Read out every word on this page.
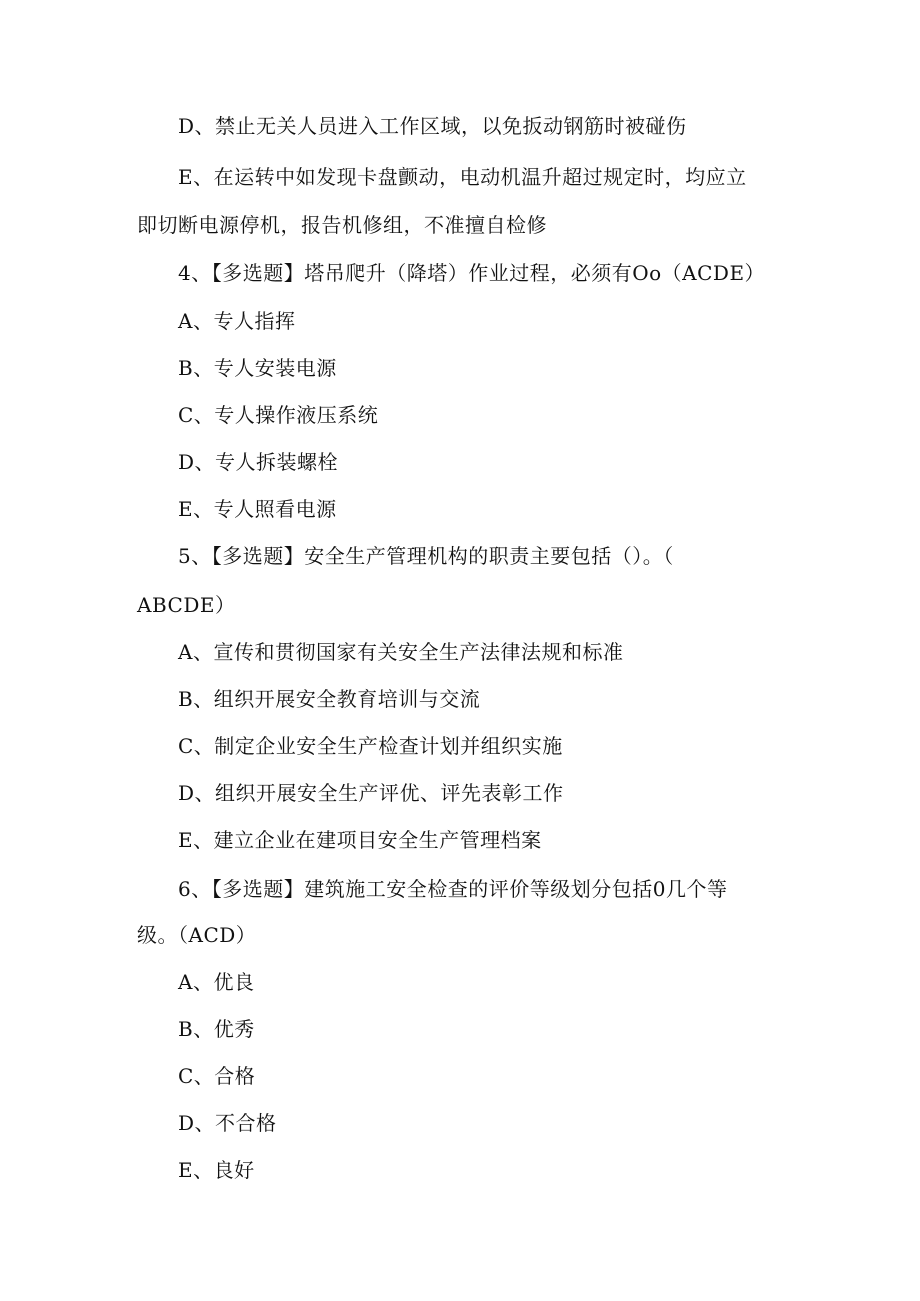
D、禁止无关人员进入工作区域，以免扳动钢筋时被碰伤
E、在运转中如发现卡盘颤动，电动机温升超过规定时，均应立
即切断电源停机，报告机修组，不准擅自检修
4、【多选题】塔吊爬升（降塔）作业过程，必须有Oo（ACDE）
A、专人指挥
B、专人安装电源
C、专人操作液压系统
D、专人拆装螺栓
E、专人照看电源
5、【多选题】安全生产管理机构的职责主要包括（）。（
ABCDE）
A、宣传和贯彻国家有关安全生产法律法规和标准
B、组织开展安全教育培训与交流
C、制定企业安全生产检查计划并组织实施
D、组织开展安全生产评优、评先表彰工作
E、建立企业在建项目安全生产管理档案
6、【多选题】建筑施工安全检查的评价等级划分包括0几个等
级。（ACD）
A、优良
B、优秀
C、合格
D、不合格
E、良好
